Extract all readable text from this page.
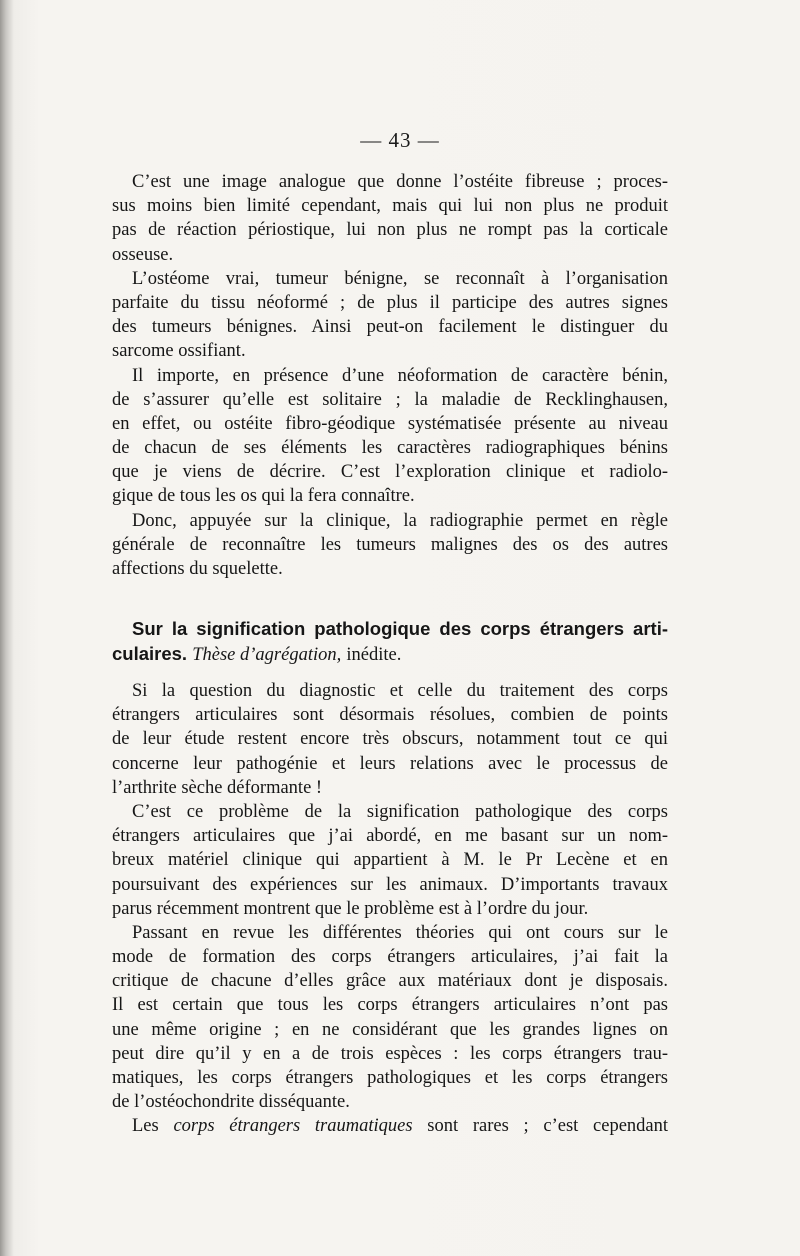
— 43 —
C’est une image analogue que donne l’ostéite fibreuse ; proces-
sus moins bien limité cependant, mais qui lui non plus ne produit
pas de réaction périostique, lui non plus ne rompt pas la corticale
osseuse.
L’ostéome vrai, tumeur bénigne, se reconnaît à l’organisation
parfaite du tissu néoformé ; de plus il participe des autres signes
des tumeurs bénignes. Ainsi peut-on facilement le distinguer du
sarcome ossifiant.
Il importe, en présence d’une néoformation de caractère bénin,
de s’assurer qu’elle est solitaire ; la maladie de Recklinghausen,
en effet, ou ostéite fibro-géodique systématisée présente au niveau
de chacun de ses éléments les caractères radiographiques bénins
que je viens de décrire. C’est l’exploration clinique et radiolo-
gique de tous les os qui la fera connaître.
Donc, appuyée sur la clinique, la radiographie permet en règle
générale de reconnaître les tumeurs malignes des os des autres
affections du squelette.
Sur la signification pathologique des corps étrangers arti-
culaires. Thèse d’agrégation, inédite.
Si la question du diagnostic et celle du traitement des corps
étrangers articulaires sont désormais résolues, combien de points
de leur étude restent encore très obscurs, notamment tout ce qui
concerne leur pathogénie et leurs relations avec le processus de
l’arthrite sèche déformante !
C’est ce problème de la signification pathologique des corps
étrangers articulaires que j’ai abordé, en me basant sur un nom-
breux matériel clinique qui appartient à M. le Pr Lecène et en
poursuivant des expériences sur les animaux. D’importants travaux
parus récemment montrent que le problème est à l’ordre du jour.
Passant en revue les différentes théories qui ont cours sur le
mode de formation des corps étrangers articulaires, j’ai fait la
critique de chacune d’elles grâce aux matériaux dont je disposais.
Il est certain que tous les corps étrangers articulaires n’ont pas
une même origine ; en ne considérant que les grandes lignes on
peut dire qu’il y en a de trois espèces : les corps étrangers trau-
matiques, les corps étrangers pathologiques et les corps étrangers
de l’ostéochondrite disséquante.
Les corps étrangers traumatiques sont rares ; c’est cependant
